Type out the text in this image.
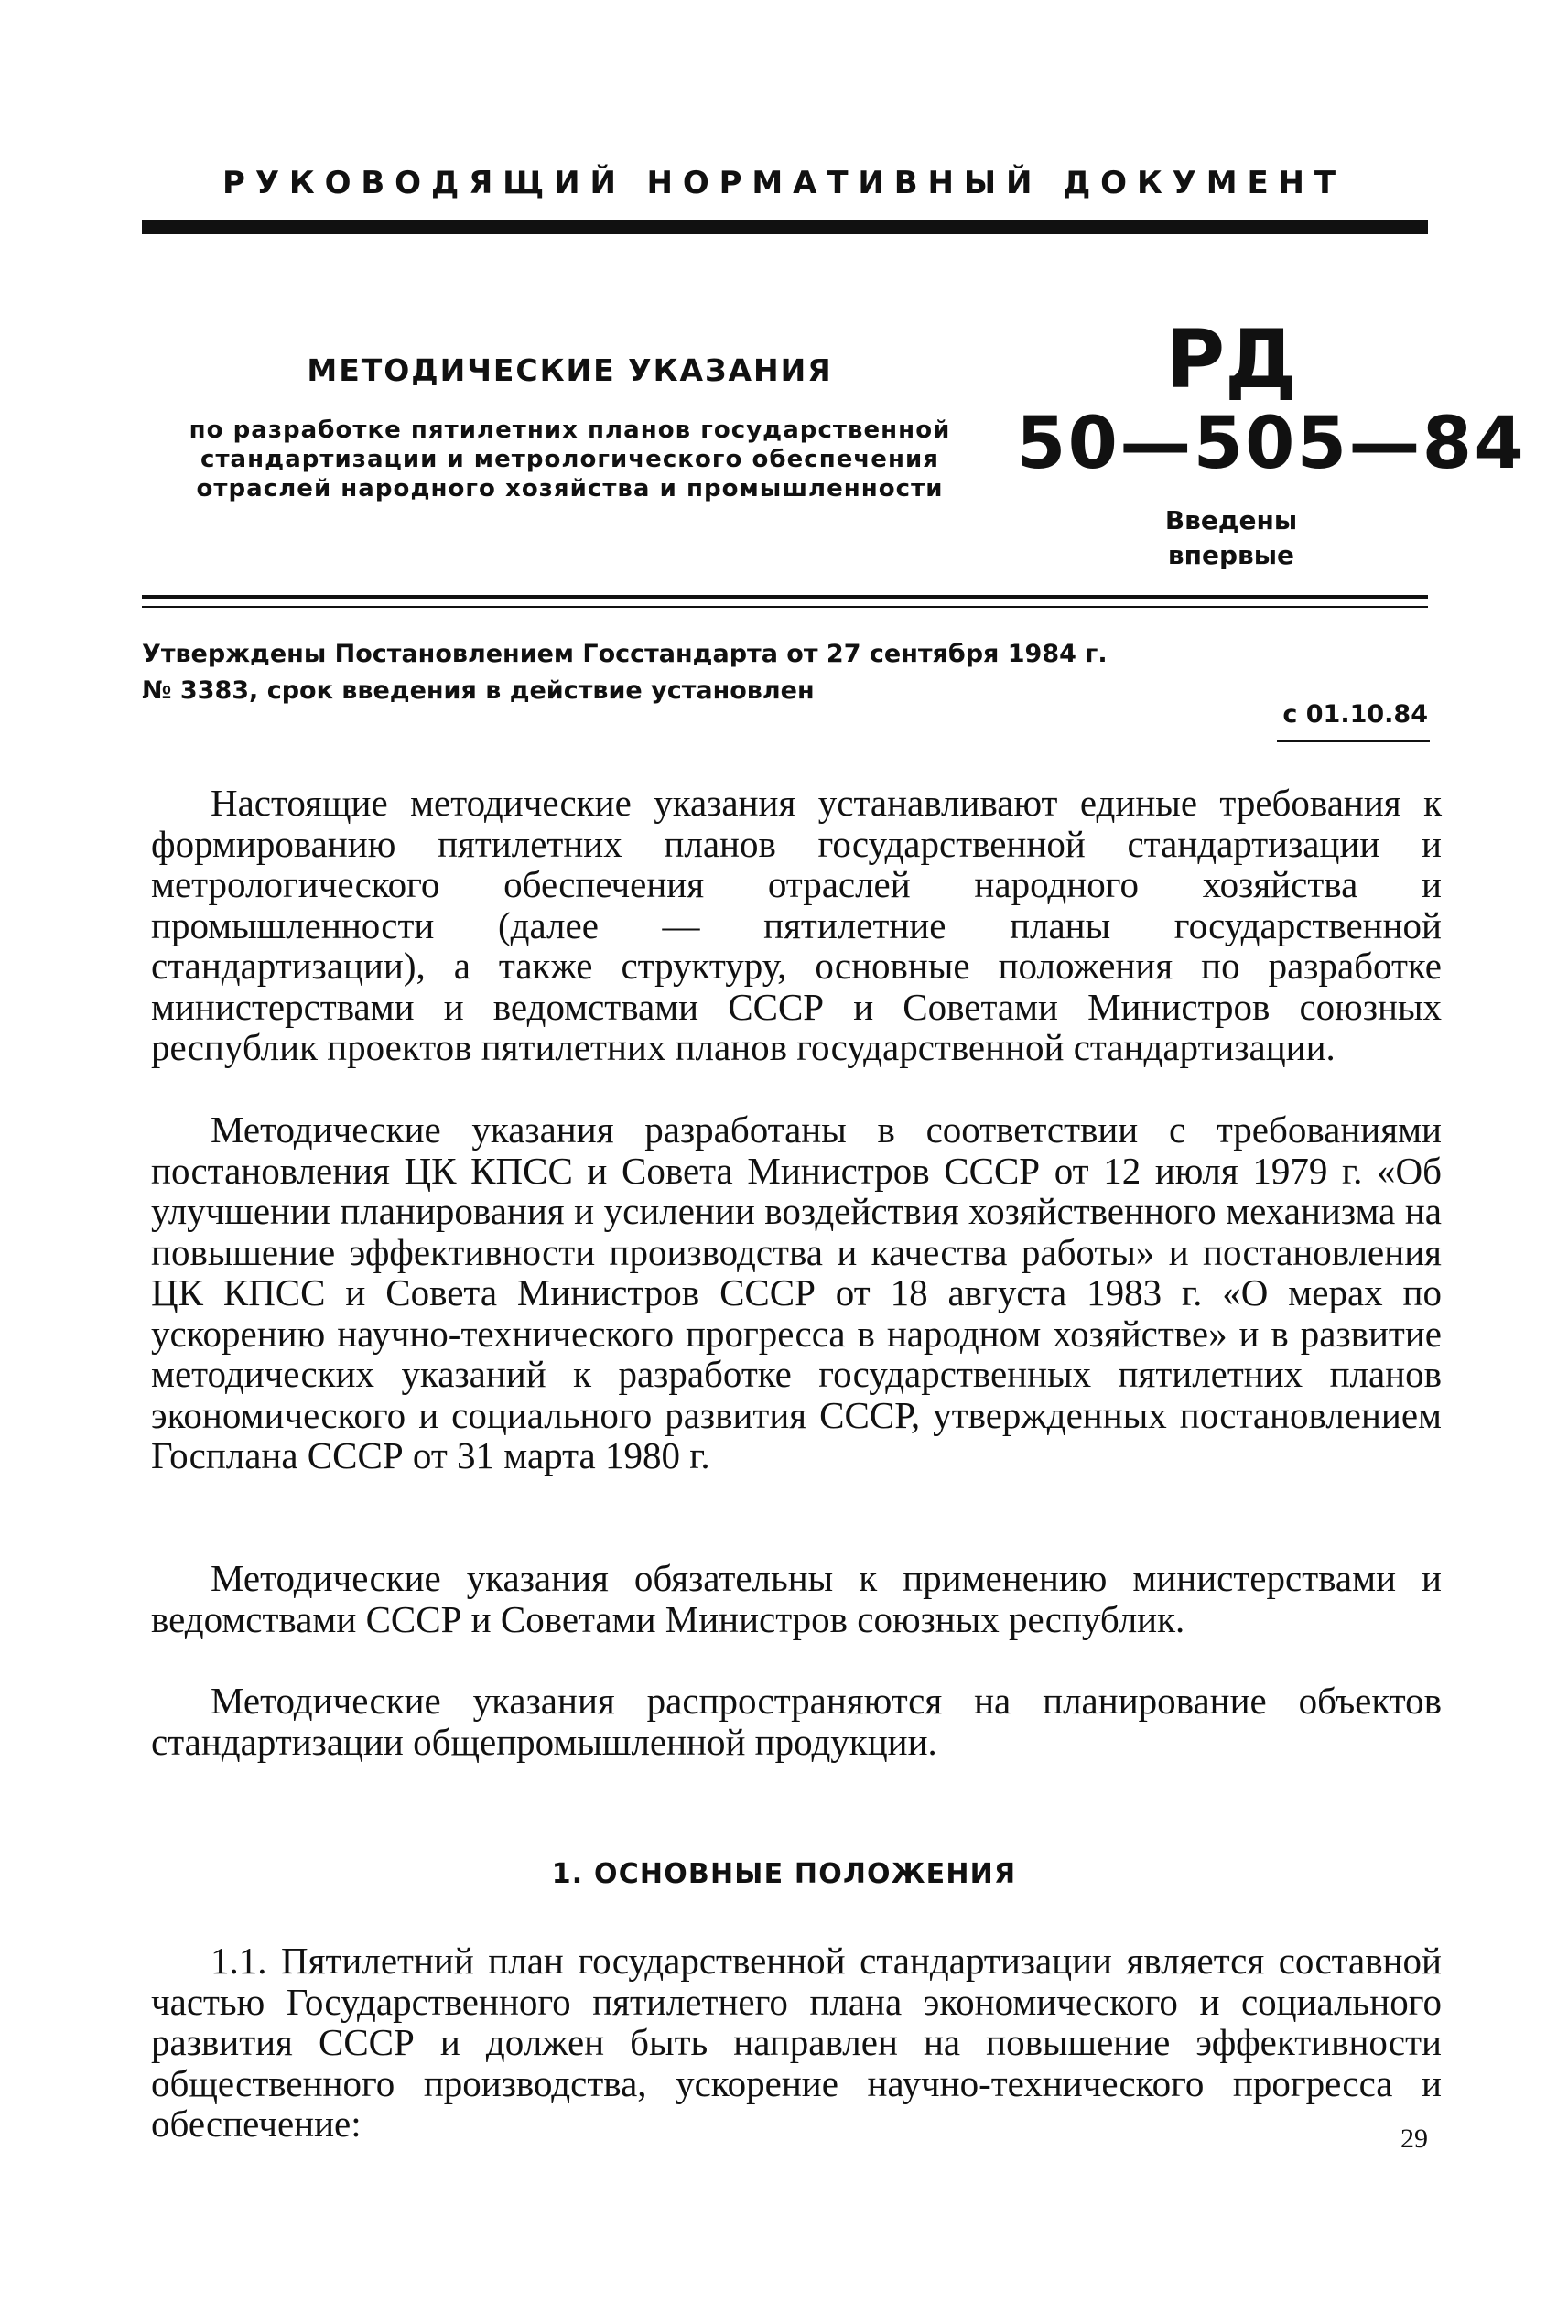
РУКОВОДЯЩИЙ НОРМАТИВНЫЙ ДОКУМЕНТ
МЕТОДИЧЕСКИЕ УКАЗАНИЯ
по разработке пятилетних планов государственной
стандартизации и метрологического обеспечения
отраслей народного хозяйства и промышленности
РД
50—505—84
Введены
впервые
Утверждены Постановлением Госстандарта от 27 сентября 1984 г.
№ 3383, срок введения в действие установлен
с 01.10.84

Настоящие методические указания устанавливают единые требования к формированию пятилетних планов государственной стандартизации и метрологического обеспечения отраслей народного хозяйства и промышленности (далее — пятилетние планы государственной стандартизации), а также структуру, основные положения по разработке министерствами и ведомствами СССР и Советами Министров союзных республик проектов пятилетних планов государственной стандартизации.

Методические указания разработаны в соответствии с требованиями постановления ЦК КПСС и Совета Министров СССР от 12 июля 1979 г. «Об улучшении планирования и усилении воздействия хозяйственного механизма на повышение эффективности производства и качества работы» и постановления ЦК КПСС и Совета Министров СССР от 18 августа 1983 г. «О мерах по ускорению научно-технического прогресса в народном хозяйстве» и в развитие методических указаний к разработке государственных пятилетних планов экономического и социального развития СССР, утвержденных постановлением Госплана СССР от 31 марта 1980 г.

Методические указания обязательны к применению министерствами и ведомствами СССР и Советами Министров союзных республик.

Методические указания распространяются на планирование объектов стандартизации общепромышленной продукции.

1. ОСНОВНЫЕ ПОЛОЖЕНИЯ

1.1. Пятилетний план государственной стандартизации является составной частью Государственного пятилетнего плана экономического и социального развития СССР и должен быть направлен на повышение эффективности общественного производства, ускорение научно-технического прогресса и обеспечение:	29
